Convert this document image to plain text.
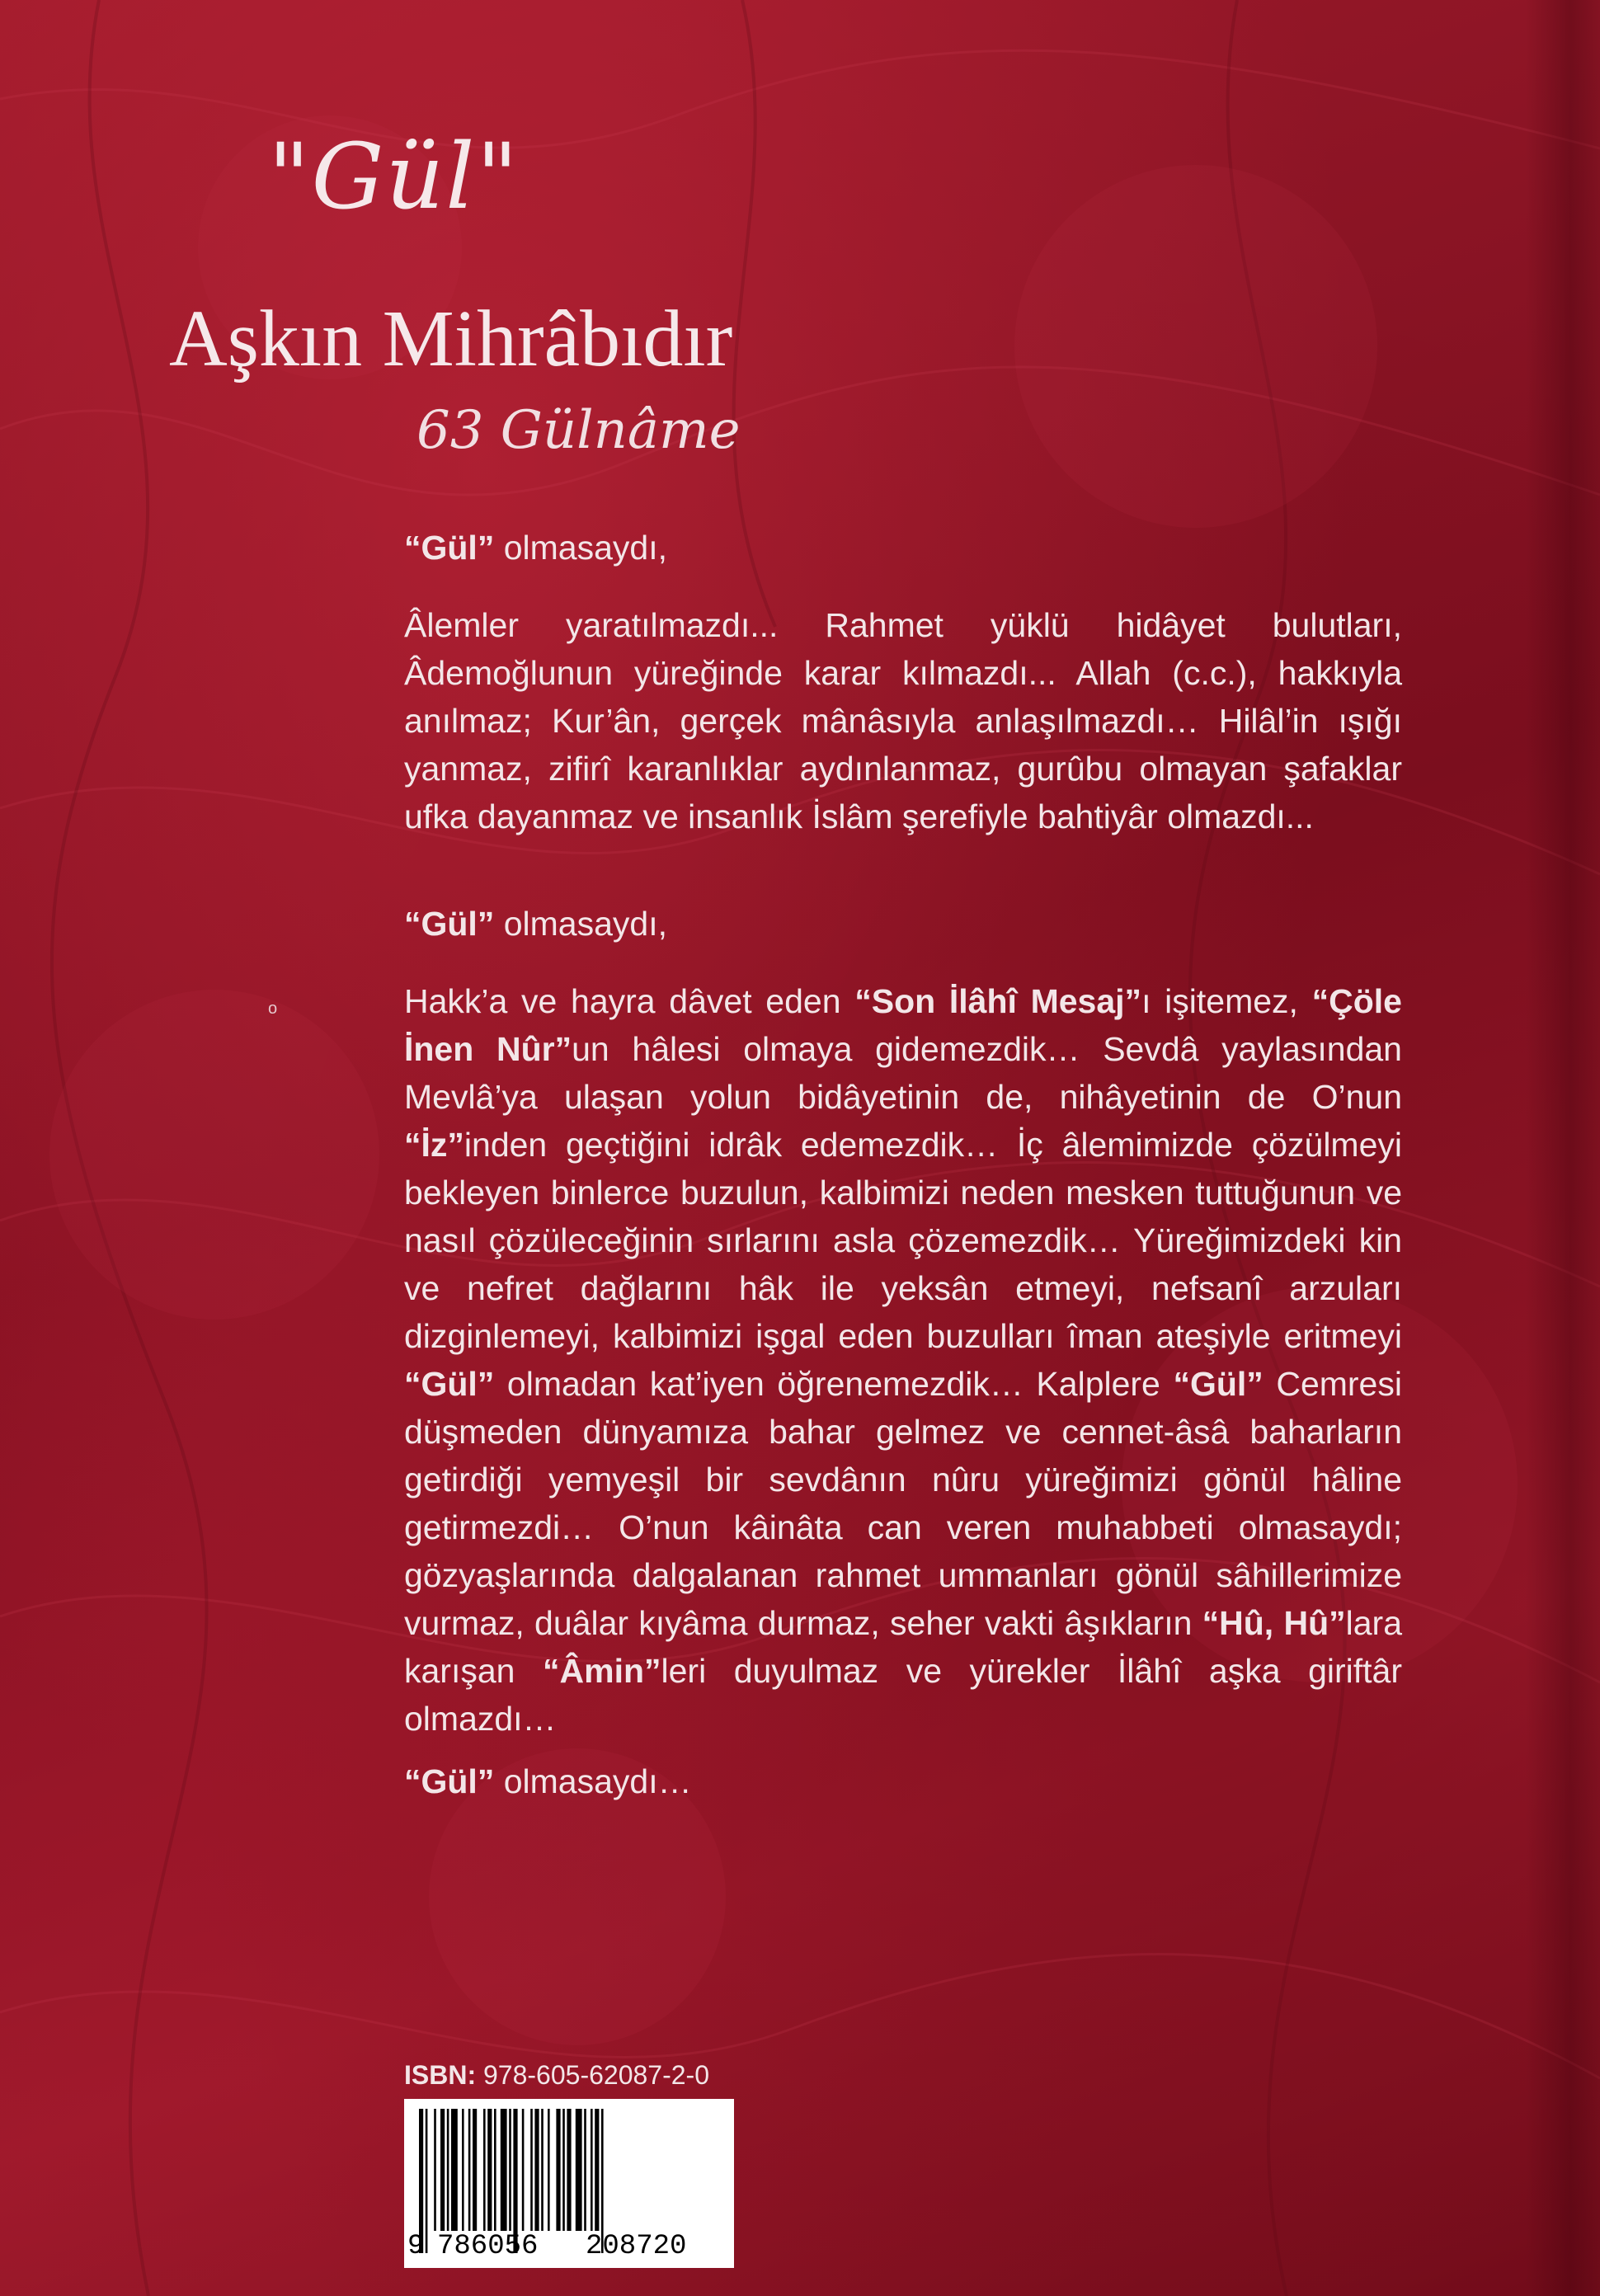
"Gül"
Aşkın Mihrâbıdır
63 Gülnâme
o

“Gül” olmasaydı,

Âlemler yaratılmazdı... Rahmet yüklü hidâyet bulutları, Âdemoğlunun yüreğinde karar kılmazdı... Allah (c.c.), hakkıyla anılmaz; Kur’ân, gerçek mânâsıyla anlaşılmazdı… Hilâl’in ışığı yanmaz, zifirî karanlıklar aydınlanmaz, gurûbu olmayan şafaklar ufka dayanmaz ve insanlık İslâm şerefiyle bahtiyâr olmazdı...

“Gül” olmasaydı,

Hakk’a ve hayra dâvet eden “Son İlâhî Mesaj”ı işitemez, “Çöle İnen Nûr”un hâlesi olmaya gidemezdik… Sevdâ yaylasından Mevlâ’ya ulaşan yolun bidâyetinin de, nihâyetinin de O’nun “İz”inden geçtiğini idrâk edemezdik… İç âlemimizde çözülmeyi bekleyen binlerce buzulun, kalbimizi neden mesken tuttuğunun ve nasıl çözüleceğinin sırlarını asla çözemezdik… Yüreğimizdeki kin ve nefret dağlarını hâk ile yeksân etmeyi, nefsanî arzuları dizginlemeyi, kalbimizi işgal eden buzulları îman ateşiyle eritmeyi “Gül” olmadan kat’iyen öğrenemezdik… Kalplere “Gül” Cemresi düşmeden dünyamıza bahar gelmez ve cennet-âsâ baharların getirdiği yemyeşil bir sevdânın nûru yüreğimizi gönül hâline getirmezdi… O’nun kâinâta can veren muhabbeti olmasaydı; gözyaşlarında dalgalanan rahmet ummanları gönül sâhillerimize vurmaz, duâlar kıyâma durmaz, seher vakti âşıkların “Hû, Hû”lara karışan “Âmin”leri duyulmaz ve yürekler İlâhî aşka giriftâr olmazdı…

“Gül” olmasaydı…

ISBN: 978-605-62087-2-0
9 786056 208720
